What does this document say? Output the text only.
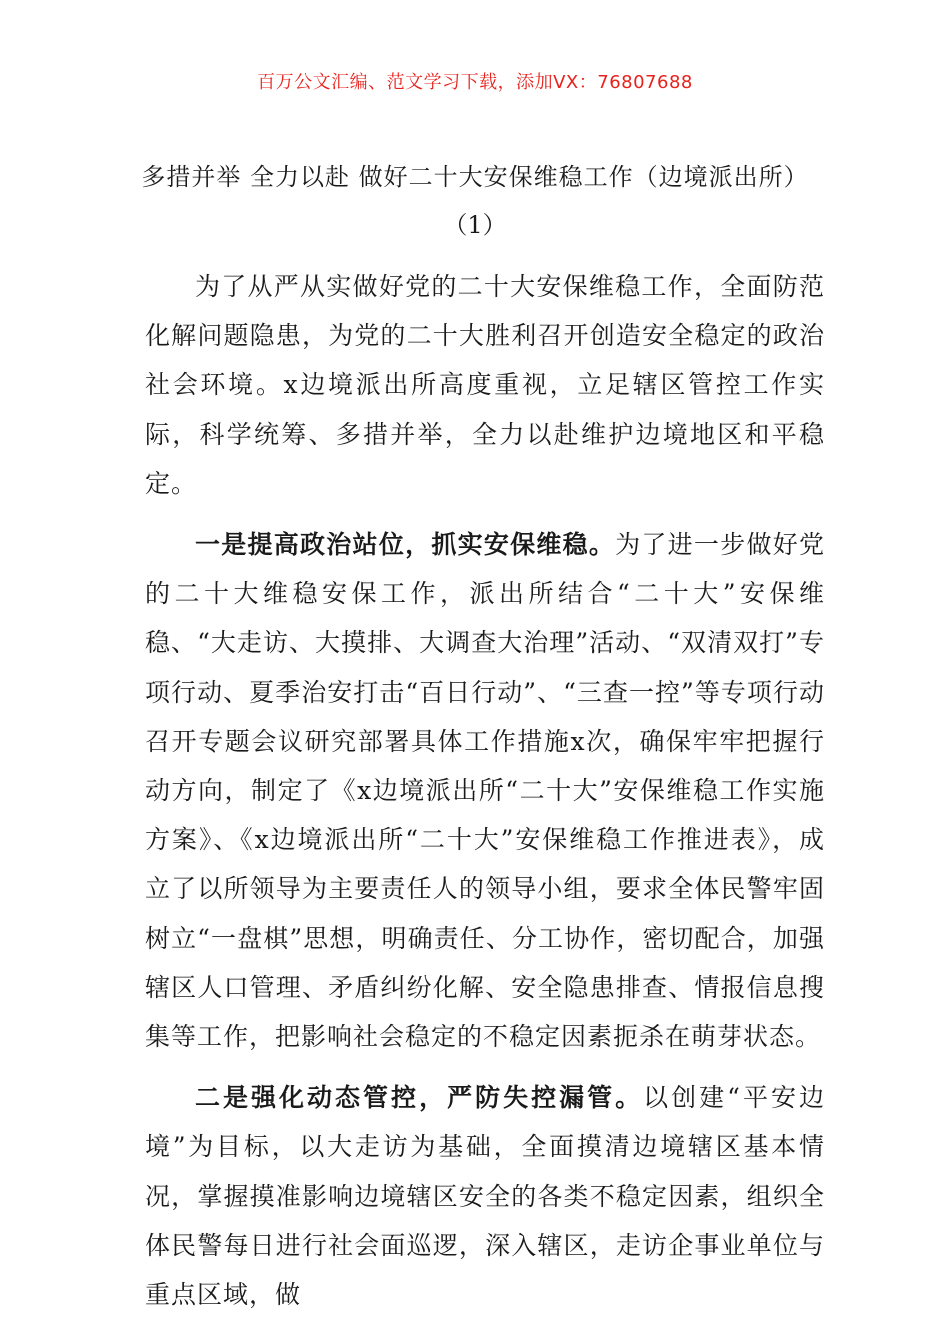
百万公文汇编、范文学习下载，添加VX：76807688
多措并举 全力以赴 做好二十大安保维稳工作（边境派出所）
（1）

为了从严从实做好党的二十大安保维稳工作，全面防范化解问题隐患，为党的二十大胜利召开创造安全稳定的政治社会环境。x边境派出所高度重视，立足辖区管控工作实际，科学统筹、多措并举，全力以赴维护边境地区和平稳定。

一是提高政治站位，抓实安保维稳。为了进一步做好党的二十大维稳安保工作，派出所结合“二十大”安保维稳、“大走访、大摸排、大调查大治理”活动、“双清双打”专项行动、夏季治安打击“百日行动”、“三查一控”等专项行动召开专题会议研究部署具体工作措施x次，确保牢牢把握行动方向，制定了《x边境派出所“二十大”安保维稳工作实施方案》、《x边境派出所“二十大”安保维稳工作推进表》，成立了以所领导为主要责任人的领导小组，要求全体民警牢固树立“一盘棋”思想，明确责任、分工协作，密切配合，加强辖区人口管理、矛盾纠纷化解、安全隐患排查、情报信息搜集等工作，把影响社会稳定的不稳定因素扼杀在萌芽状态。

二是强化动态管控，严防失控漏管。以创建“平安边境”为目标，以大走访为基础，全面摸清边境辖区基本情况，掌握摸准影响边境辖区安全的各类不稳定因素，组织全体民警每日进行社会面巡逻，深入辖区，走访企事业单位与重点区域，做
